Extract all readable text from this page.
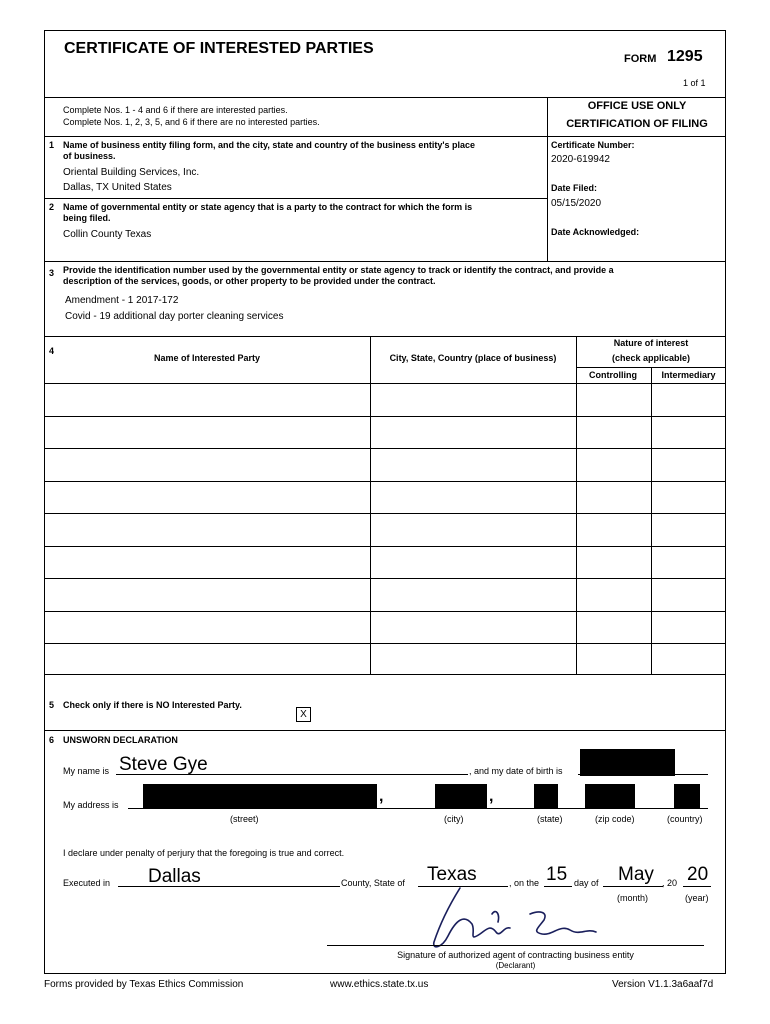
CERTIFICATE OF INTERESTED PARTIES
FORM 1295
1 of 1
Complete Nos. 1 - 4 and 6 if there are interested parties.
Complete Nos. 1, 2, 3, 5, and 6 if there are no interested parties.
OFFICE USE ONLY
CERTIFICATION OF FILING
Certificate Number:
2020-619942
Date Filed:
05/15/2020
Date Acknowledged:
1 Name of business entity filing form, and the city, state and country of the business entity's place
of business.
Oriental Building Services, Inc.
Dallas, TX United States
2 Name of governmental entity or state agency that is a party to the contract for which the form is
being filed.
Collin County Texas
3 Provide the identification number used by the governmental entity or state agency to track or identify the contract, and provide a
description of the services, goods, or other property to be provided under the contract.
Amendment - 1 2017-172
Covid - 19 additional day porter cleaning services
4
Name of Interested Party	City, State, Country (place of business)
Nature of interest
(check applicable)
Controlling	Intermediary
5 Check only if there is NO Interested Party.
X
6 UNSWORN DECLARATION
My name is Steve Gye	, and my date of birth is
My address is	,	,
(street)	(city)	(state)	(zip code)	(country)
I declare under penalty of perjury that the foregoing is true and correct.
Executed in Dallas	County, State of Texas	, on the 15 day of May , 20 20
(month)	(year)
Signature of authorized agent of contracting business entity
(Declarant)
Forms provided by Texas Ethics Commission	www.ethics.state.tx.us	Version V1.1.3a6aaf7d
